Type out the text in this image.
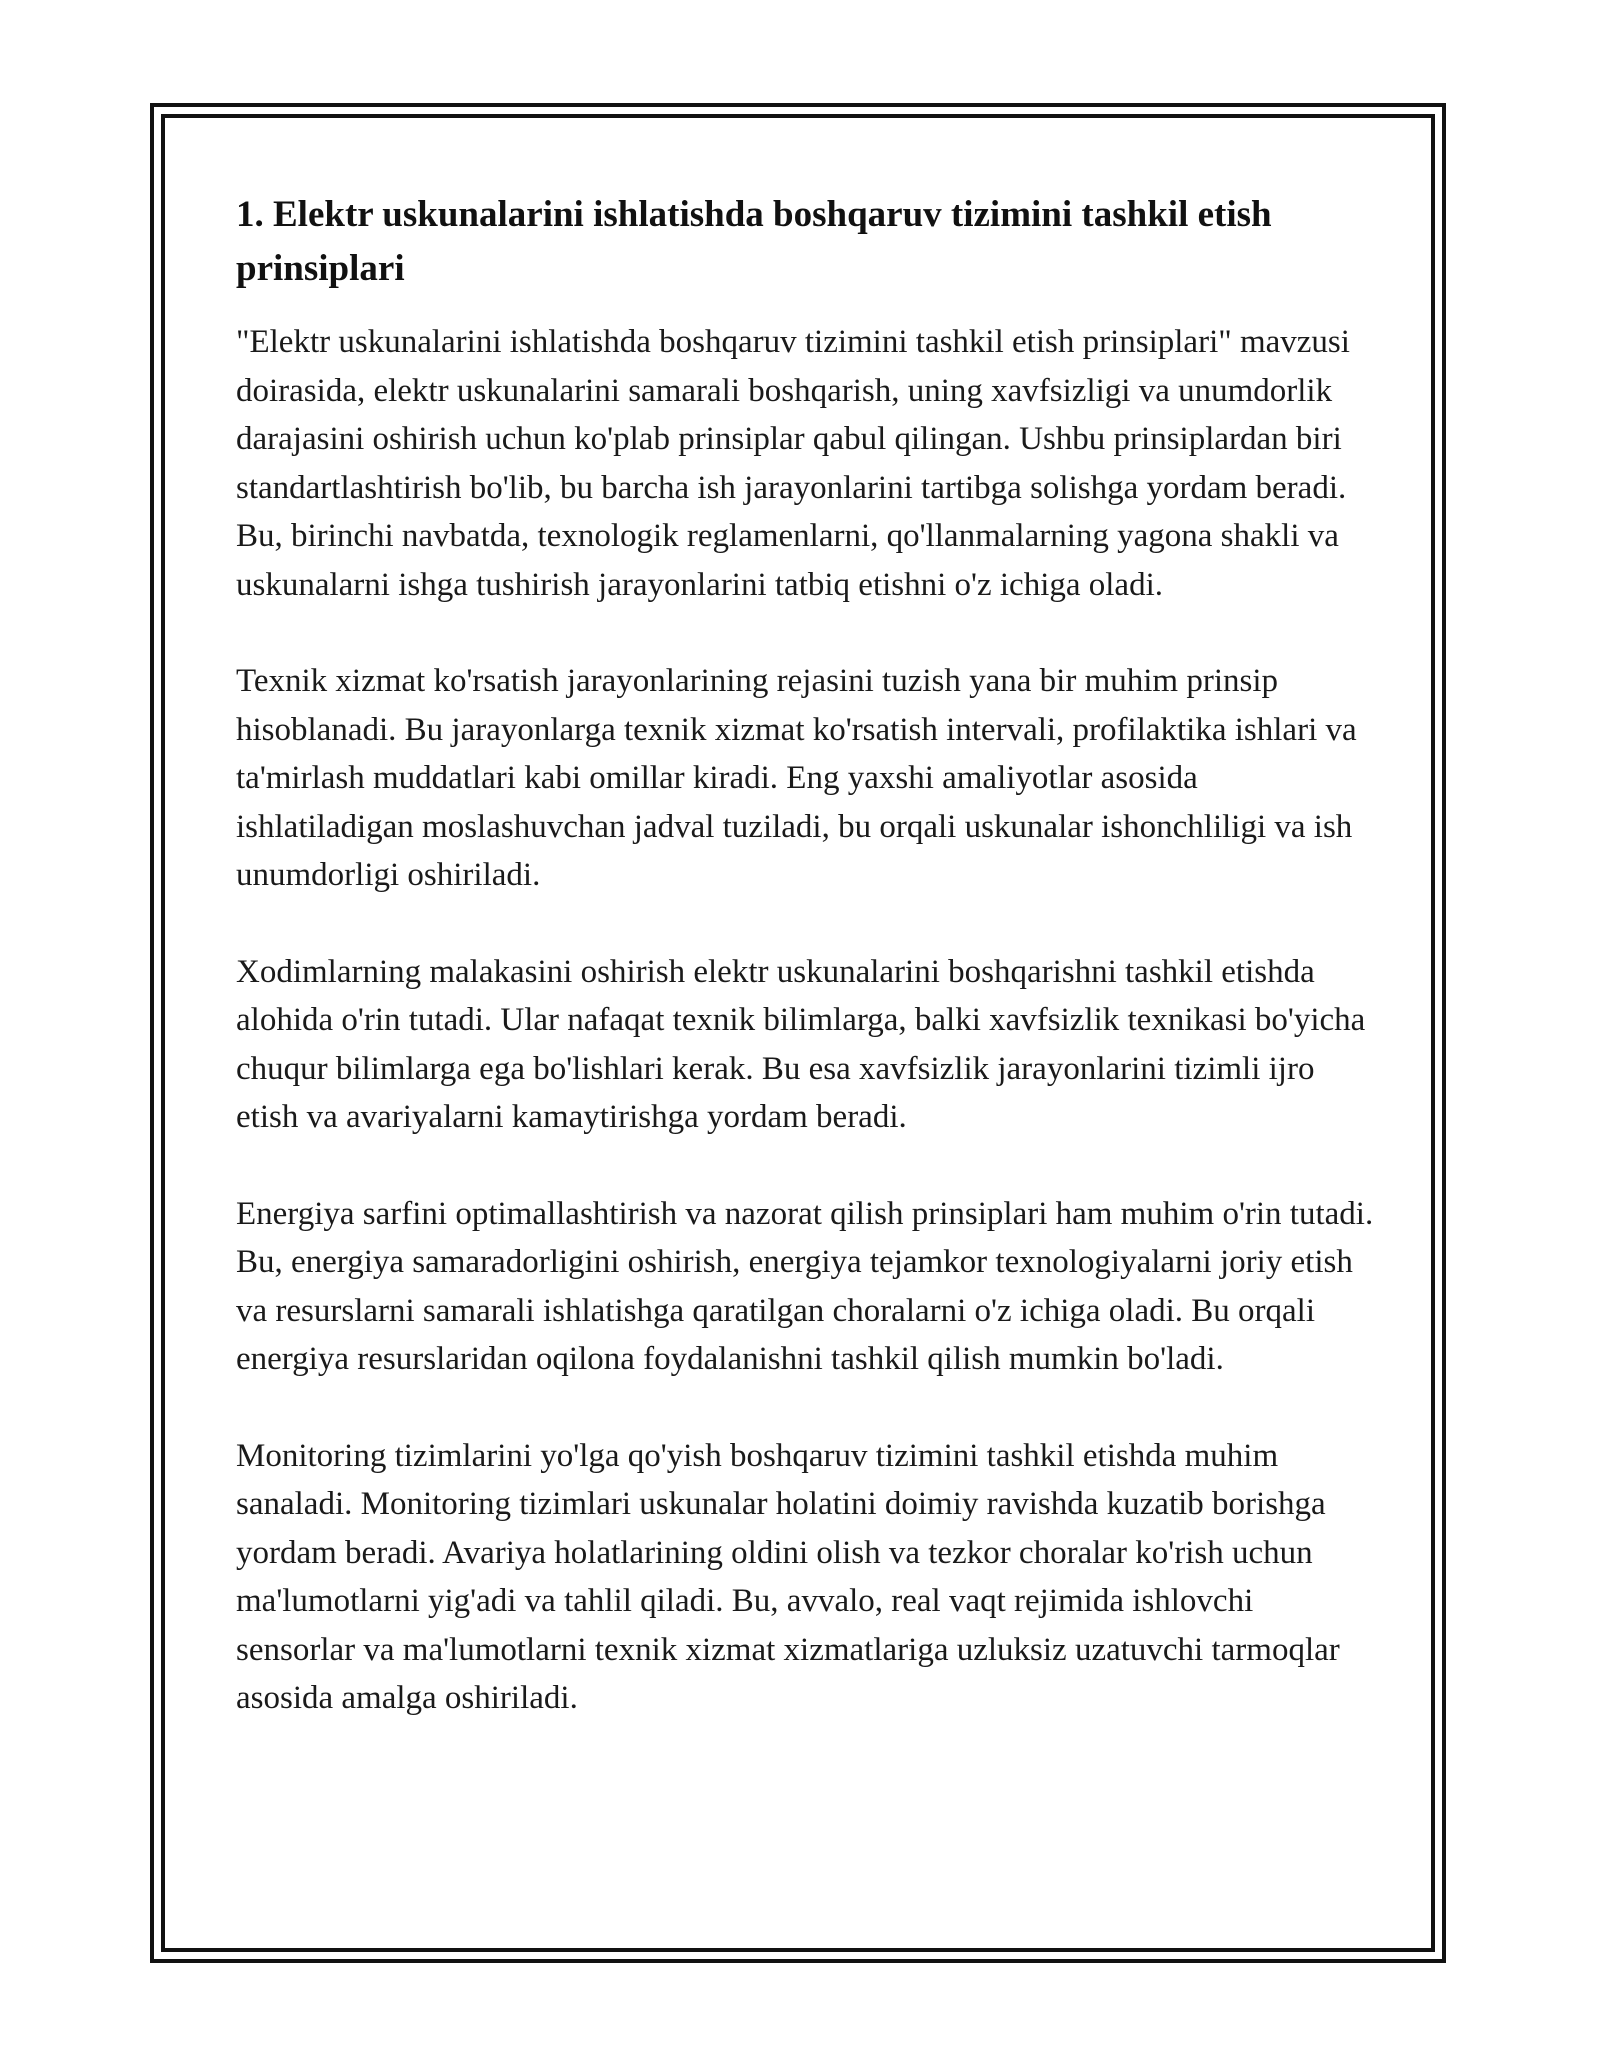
1. Elektr uskunalarini ishlatishda boshqaruv tizimini tashkil etish prinsiplari

"Elektr uskunalarini ishlatishda boshqaruv tizimini tashkil etish prinsiplari" mavzusi doirasida, elektr uskunalarini samarali boshqarish, uning xavfsizligi va unumdorlik darajasini oshirish uchun ko'plab prinsiplar qabul qilingan. Ushbu prinsiplardan biri standartlashtirish bo'lib, bu barcha ish jarayonlarini tartibga solishga yordam beradi. Bu, birinchi navbatda, texnologik reglamenlarni, qo'llanmalarning yagona shakli va uskunalarni ishga tushirish jarayonlarini tatbiq etishni o'z ichiga oladi.

Texnik xizmat ko'rsatish jarayonlarining rejasini tuzish yana bir muhim prinsip hisoblanadi. Bu jarayonlarga texnik xizmat ko'rsatish intervali, profilaktika ishlari va ta'mirlash muddatlari kabi omillar kiradi. Eng yaxshi amaliyotlar asosida ishlatiladigan moslashuvchan jadval tuziladi, bu orqali uskunalar ishonchliligi va ish unumdorligi oshiriladi.

Xodimlarning malakasini oshirish elektr uskunalarini boshqarishni tashkil etishda alohida o'rin tutadi. Ular nafaqat texnik bilimlarga, balki xavfsizlik texnikasi bo'yicha chuqur bilimlarga ega bo'lishlari kerak. Bu esa xavfsizlik jarayonlarini tizimli ijro etish va avariyalarni kamaytirishga yordam beradi.

Energiya sarfini optimallashtirish va nazorat qilish prinsiplari ham muhim o'rin tutadi. Bu, energiya samaradorligini oshirish, energiya tejamkor texnologiyalarni joriy etish va resurslarni samarali ishlatishga qaratilgan choralarni o'z ichiga oladi. Bu orqali energiya resurslaridan oqilona foydalanishni tashkil qilish mumkin bo'ladi.

Monitoring tizimlarini yo'lga qo'yish boshqaruv tizimini tashkil etishda muhim sanaladi. Monitoring tizimlari uskunalar holatini doimiy ravishda kuzatib borishga yordam beradi. Avariya holatlarining oldini olish va tezkor choralar ko'rish uchun ma'lumotlarni yig'adi va tahlil qiladi. Bu, avvalo, real vaqt rejimida ishlovchi sensorlar va ma'lumotlarni texnik xizmat xizmatlariga uzluksiz uzatuvchi tarmoqlar asosida amalga oshiriladi.
